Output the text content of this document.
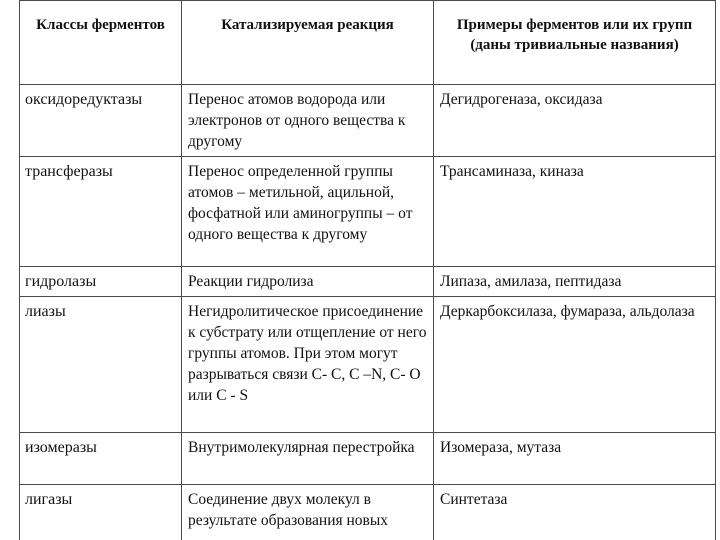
Классы ферментов	Катализируемая реакция	Примеры ферментов или их групп (даны тривиальные названия)
оксидоредуктазы	Перенос атомов водорода или электронов от одного вещества к другому	Дегидрогеназа, оксидаза
трансферазы	Перенос определенной группы атомов – метильной, ацильной, фосфатной или аминогруппы – от одного вещества к другому	Трансаминаза, киназа
гидролазы	Реакции гидролиза	Липаза, амилаза, пептидаза
лиазы	Негидролитическое присоединение к субстрату или отщепление от него группы атомов. При этом могут разрываться связи С- С, С –N, С- О или С - S	Деркарбоксилаза, фумараза, альдолаза
изомеразы	Внутримолекулярная перестройка	Изомераза, мутаза
лигазы	Соединение двух молекул в результате образования новых	Синтетаза
